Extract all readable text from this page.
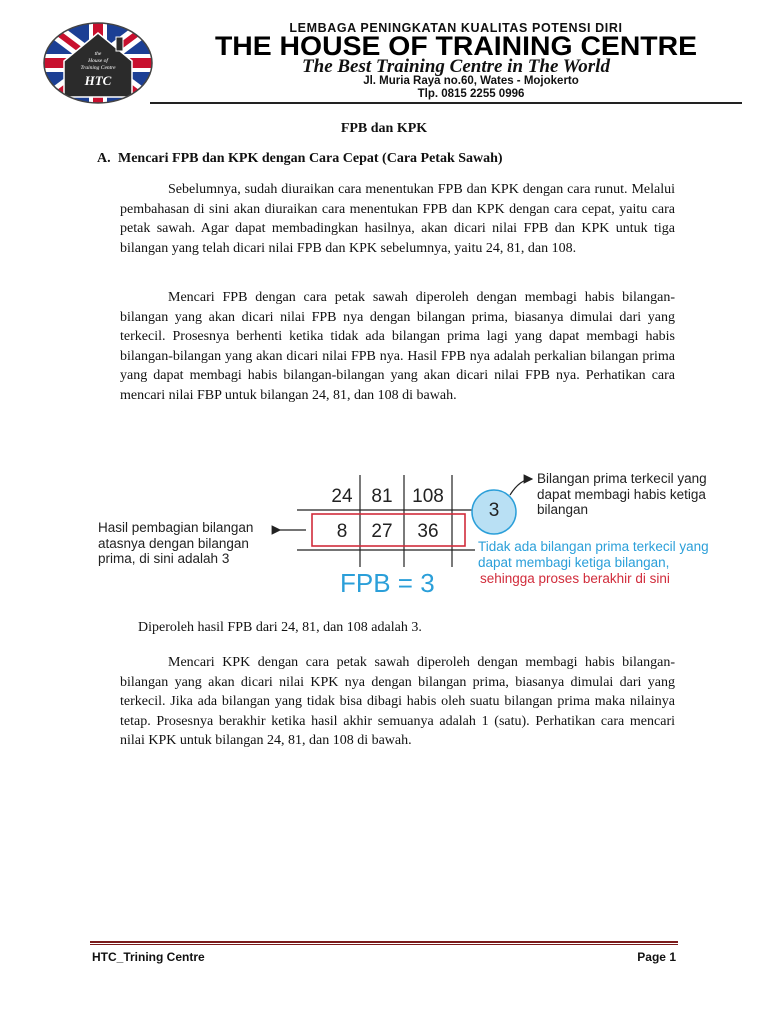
the
House of
Training Centre
HTC
LEMBAGA PENINGKATAN KUALITAS POTENSI DIRI
THE HOUSE OF TRAINING CENTRE
The Best Training Centre in The World
Jl. Muria Raya no.60, Wates - Mojokerto
Tlp. 0815 2255 0996
FPB dan KPK
A. Mencari FPB dan KPK dengan Cara Cepat (Cara Petak Sawah)

Sebelumnya, sudah diuraikan cara menentukan FPB dan KPK dengan cara runut. Melalui pembahasan di sini akan diuraikan cara menentukan FPB dan KPK dengan cara cepat, yaitu cara petak sawah. Agar dapat membadingkan hasilnya, akan dicari nilai FPB dan KPK untuk tiga bilangan yang telah dicari nilai FPB dan KPK sebelumnya, yaitu 24, 81, dan 108.

Mencari FPB dengan cara petak sawah diperoleh dengan membagi habis bilangan-bilangan yang akan dicari nilai FPB nya dengan bilangan prima, biasanya dimulai dari yang terkecil. Prosesnya berhenti ketika tidak ada bilangan prima lagi yang dapat membagi habis bilangan-bilangan yang akan dicari nilai FPB nya. Hasil FPB nya adalah perkalian bilangan prima yang dapat membagi habis bilangan-bilangan yang akan dicari nilai FPB nya. Perhatikan cara mencari nilai FBP untuk bilangan 24, 81, dan 108 di bawah.

24 81	108
8	27	36
3
Hasil pembagian bilangan atasnya dengan bilangan prima, di sini adalah 3
Bilangan prima terkecil yang dapat membagi habis ketiga bilangan
Tidak ada bilangan prima terkecil yang dapat membagi ketiga bilangan,
sehingga proses berakhir di sini
FPB = 3
Diperoleh hasil FPB dari 24, 81, dan 108 adalah 3.

Mencari KPK dengan cara petak sawah diperoleh dengan membagi habis bilangan-bilangan yang akan dicari nilai KPK nya dengan bilangan prima, biasanya dimulai dari yang terkecil. Jika ada bilangan yang tidak bisa dibagi habis oleh suatu bilangan prima maka nilainya tetap. Prosesnya berakhir ketika hasil akhir semuanya adalah 1 (satu). Perhatikan cara mencari nilai KPK untuk bilangan 24, 81, dan 108 di bawah.

HTC_Trining Centre	Page 1
